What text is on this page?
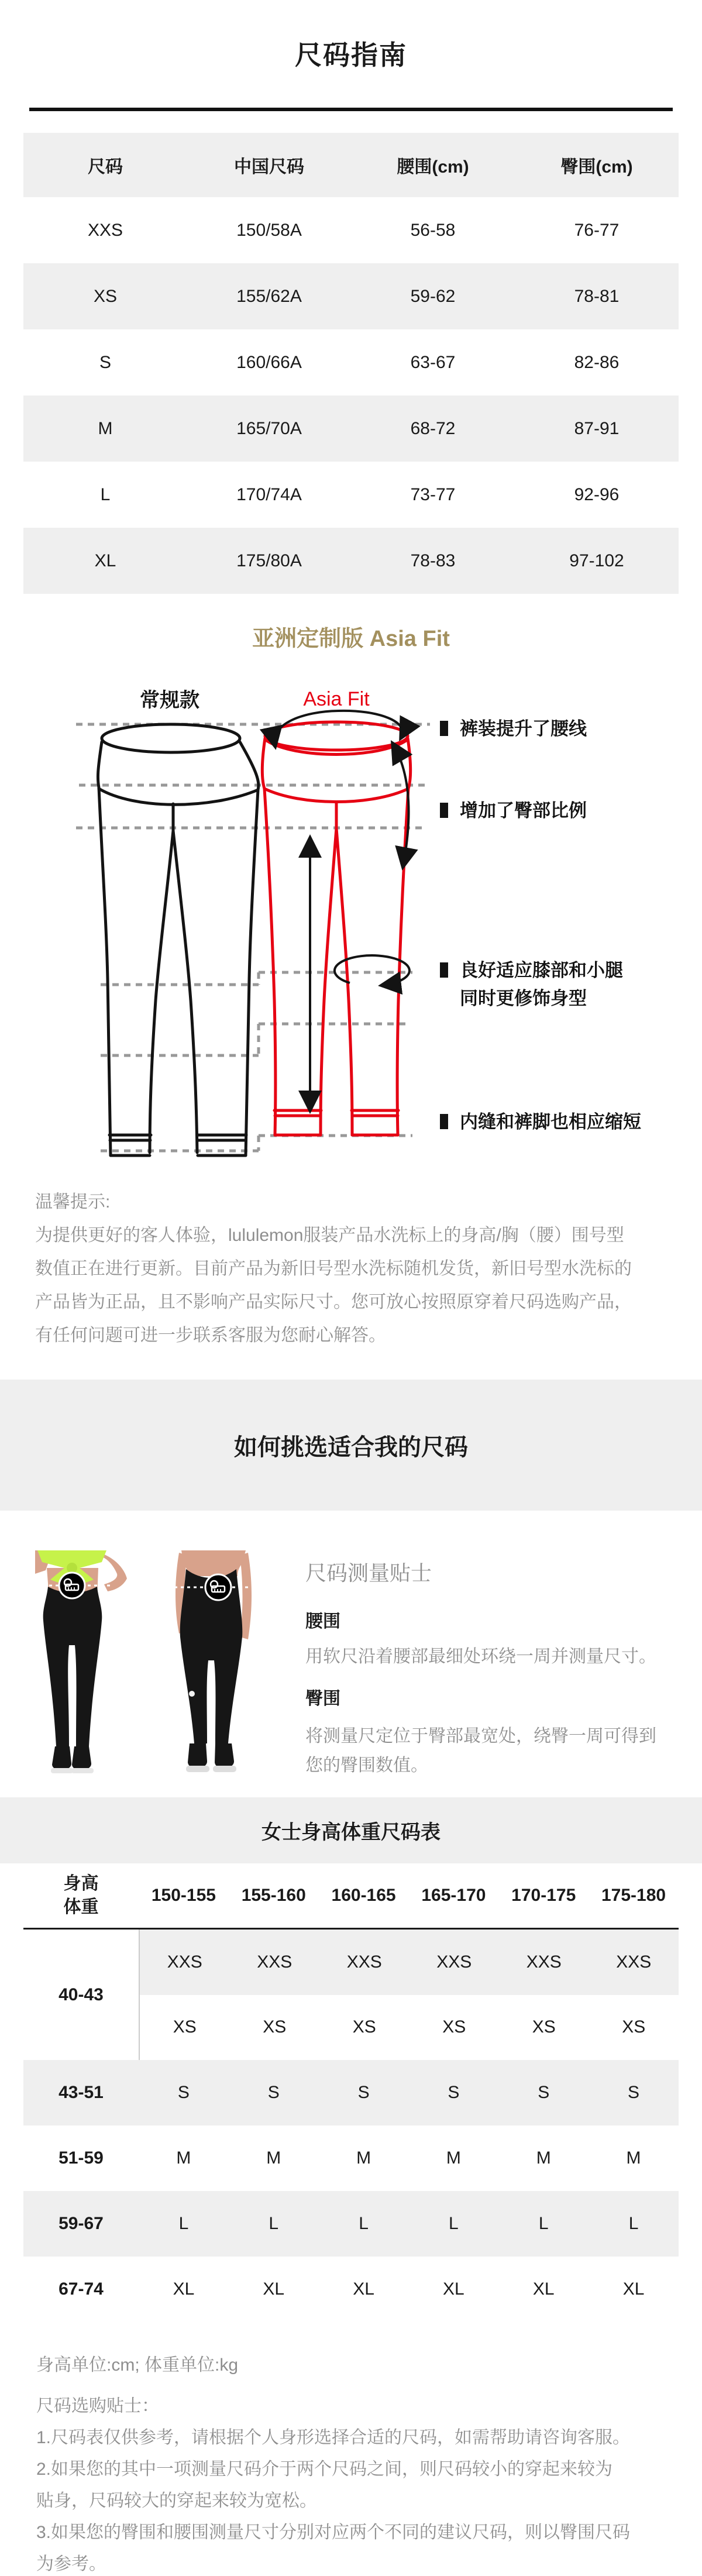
尺码指南
尺码	中国尺码	腰围(cm)	臀围(cm)
XXS	150/58A	56-58	76-77
XS	155/62A	59-62	78-81
S	160/66A	63-67	82-86
M	165/70A	68-72	87-91
L	170/74A	73-77	92-96
XL	175/80A	78-83	97-102
亚洲定制版 Asia Fit
常规款	Asia Fit
裤装提升了腰线
增加了臀部比例
良好适应膝部和小腿
同时更修饰身型
内缝和裤脚也相应缩短
温馨提示:
为提供更好的客人体验，lululemon服装产品水洗标上的身高/胸（腰）围号型
数值正在进行更新。目前产品为新旧号型水洗标随机发货，新旧号型水洗标的
产品皆为正品，且不影响产品实际尺寸。您可放心按照原穿着尺码选购产品，
有任何问题可进一步联系客服为您耐心解答。
如何挑选适合我的尺码
尺码测量贴士
腰围
用软尺沿着腰部最细处环绕一周并测量尺寸。
臀围
将测量尺定位于臀部最宽处，绕臀一周可得到
您的臀围数值。
女士身高体重尺码表
身高
体重
150-155	155-160	160-165	165-170	170-175	175-180
40-43
XXS	XXS	XXS	XXS	XXS	XXS
XS	XS	XS	XS	XS	XS
43-51	S	S	S	S	S	S
51-59	M	M	M	M	M	M
59-67	L	L	L	L	L	L
67-74	XL	XL	XL	XL	XL	XL
身高单位:cm; 体重单位:kg
尺码选购贴士：
1.尺码表仅供参考，请根据个人身形选择合适的尺码，如需帮助请咨询客服。
2.如果您的其中一项测量尺码介于两个尺码之间，则尺码较小的穿起来较为
贴身，尺码较大的穿起来较为宽松。
3.如果您的臀围和腰围测量尺寸分别对应两个不同的建议尺码，则以臀围尺码
为参考。
